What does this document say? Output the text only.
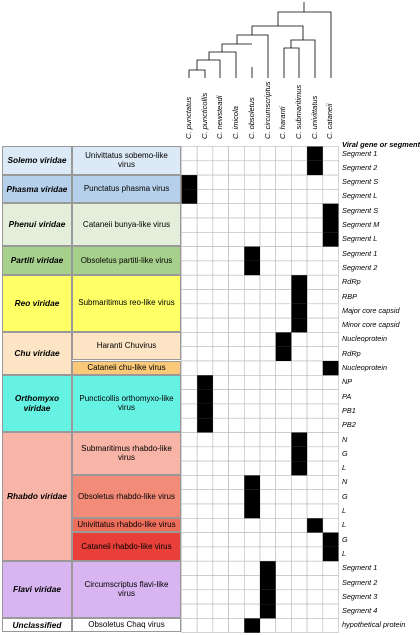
Viral gene or segment
C. punctatus C. puncticollis C. newsteadi C. imicola C. obsoletus C. circumscriptus C. haranti C. submaritimus C. univittatus C. cataneii
Solemo viridae
Phasma viridae
Phenui viridae
Partiti viridae
Reo viridae
Chu viridae
Orthomyxo viridae
Rhabdo viridae
Flavi viridae
Unclassified
Univittatus sobemo-like virus
Punctatus phasma virus
Cataneii bunya-like virus
Obsoletus partiti-like virus
Submaritimus reo-like virus
Haranti Chuvirus
Cataneii chu-like virus
Puncticollis orthomyxo-like virus
Submaritimus rhabdo-like virus
Obsoletus rhabdo-like virus
Univittatus rhabdo-like virus
Cataneii rhabdo-like virus
Circumscriptus flavi-like virus
Obsoletus Chaq virus
Segment 1
Segment 2
Segment S
Segment L
Segment S
Segment M
Segment L
Segment 1
Segment 2
RdRp
RBP
Major core capsid
Minor core capsid
Nucleoprotein
RdRp
Nucleoprotein
NP
PA
PB1
PB2
N
G
L
N
G
L
L
G
L
Segment 1
Segment 2
Segment 3
Segment 4
hypothetical protein
